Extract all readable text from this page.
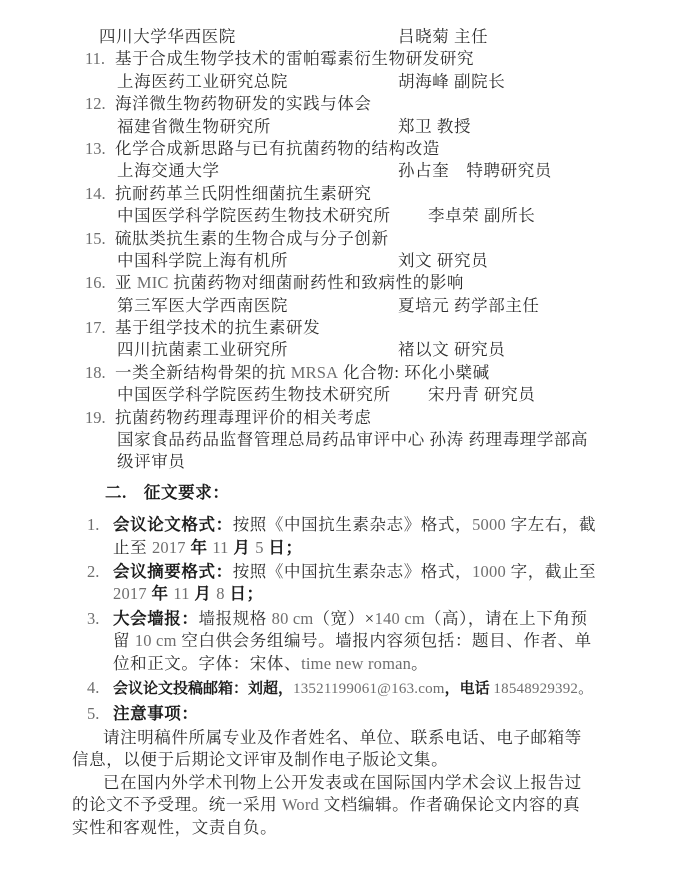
四川大学华西医院	吕晓菊 主任
11. 基于合成生物学技术的雷帕霉素衍生物研发研究
上海医药工业研究总院	胡海峰 副院长
12. 海洋微生物药物研发的实践与体会
福建省微生物研究所	郑卫 教授
13. 化学合成新思路与已有抗菌药物的结构改造
上海交通大学	孙占奎　特聘研究员
14. 抗耐药革兰氏阴性细菌抗生素研究
中国医学科学院医药生物技术研究所 李卓荣 副所长
15. 硫肽类抗生素的生物合成与分子创新
中国科学院上海有机所	刘文 研究员
16. 亚 MIC 抗菌药物对细菌耐药性和致病性的影响
第三军医大学西南医院	夏培元 药学部主任
17. 基于组学技术的抗生素研发
四川抗菌素工业研究所	褚以文 研究员
18. 一类全新结构骨架的抗 MRSA 化合物: 环化小檗碱
中国医学科学院医药生物技术研究所 宋丹青 研究员
19. 抗菌药物药理毒理评价的相关考虑
国家食品药品监督管理总局药品审评中心 孙涛 药理毒理学部高级评审员
二.　征文要求：
1. 会议论文格式：按照《中国抗生素杂志》格式，5000 字左右，截止至 2017 年 11 月 5 日；
2. 会议摘要格式：按照《中国抗生素杂志》格式，1000 字，截止至 2017 年 11 月 8 日；
3. 大会墙报：墙报规格 80 cm（宽）×140 cm（高），请在上下角预留 10 cm 空白供会务组编号。墙报内容须包括：题目、作者、单位和正文。字体：宋体、time new roman。
4. 会议论文投稿邮箱：刘超，13521199061@163.com，电话 18548929392。
5. 注意事项：

请注明稿件所属专业及作者姓名、单位、联系电话、电子邮箱等信息，以便于后期论文评审及制作电子版论文集。

已在国内外学术刊物上公开发表或在国际国内学术会议上报告过的论文不予受理。统一采用 Word 文档编辑。作者确保论文内容的真实性和客观性，文责自负。
